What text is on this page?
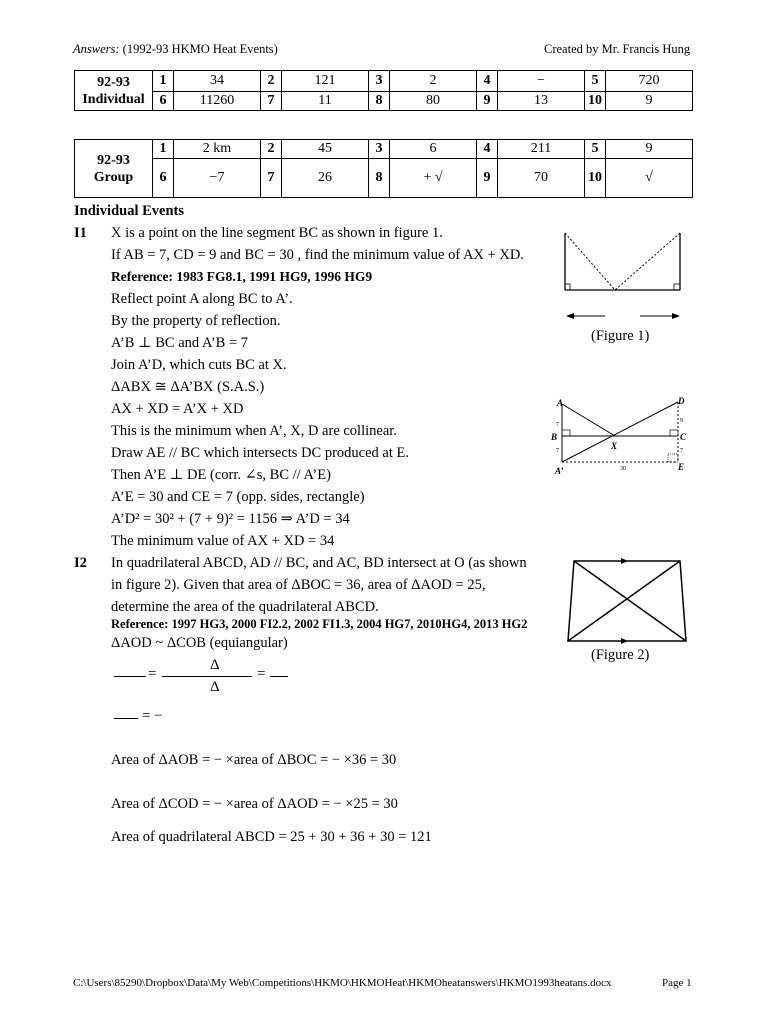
Answers: (1992-93 HKMO Heat Events)	Created by Mr. Francis Hung
92-93
Individual	1	34	2	121	3	2	4	−	5	720
	6	11260	7	11	8	80	9	13	10	9
92-93
Group	1	2 km	2	45	3	6	4	211	5	9
	6	−7	7	26	8	+ √	9	70	10	√
Individual Events
I1 X is a point on the line segment BC as shown in figure 1.
If AB = 7, CD = 9 and BC = 30 , find the minimum value of AX + XD.
Reference: 1983 FG8.1, 1991 HG9, 1996 HG9
Reflect point A along BC to A’.
By the property of reflection.
A’B ⊥ BC and A’B = 7
Join A’D, which cuts BC at X.
ΔABX ≅ ΔA’BX (S.A.S.)
AX + XD = A’X + XD
This is the minimum when A’, X, D are collinear.
Draw AE // BC which intersects DC produced at E.
Then A’E ⊥ DE (corr. ∠s, BC // A’E)
A’E = 30 and CE = 7 (opp. sides, rectangle)
A’D² = 30² + (7 + 9)² = 1156 ⇒ A’D = 34
The minimum value of AX + XD = 34
(Figure 1)
A
B
A’
D
C
E
X
7
7
9
7
30
I2 In quadrilateral ABCD, AD // BC, and AC, BD intersect at O (as shown
in figure 2). Given that area of ΔBOC = 36, area of ΔAOD = 25,
determine the area of the quadrilateral ABCD.
Reference: 1997 HG3, 2000 FI2.2, 2002 FI1.3, 2004 HG7, 2010HG4, 2013 HG2
ΔAOD ~ ΔCOB (equiangular)
=
Δ
Δ
=
= −
Area of ΔAOB = − ×area of ΔBOC = − ×36 = 30
Area of ΔCOD = − ×area of ΔAOD = − ×25 = 30
Area of quadrilateral ABCD = 25 + 30 + 36 + 30 = 121
(Figure 2)
C:\Users\85290\Dropbox\Data\My Web\Competitions\HKMO\HKMOHeat\HKMOheatanswers\HKMO1993heatans.docx	Page 1
